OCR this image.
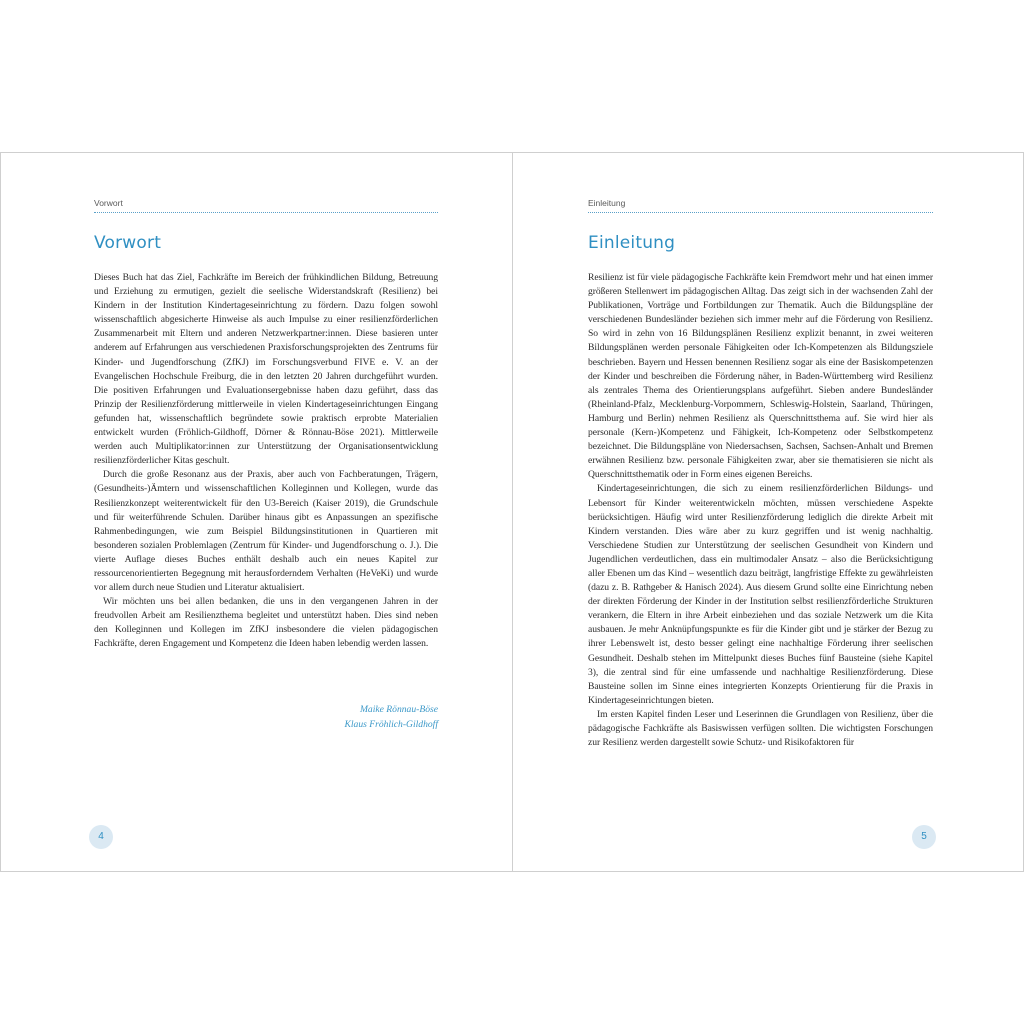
Vorwort
Vorwort

Dieses Buch hat das Ziel, Fachkräfte im Bereich der frühkindlichen Bildung, Betreuung und Erziehung zu ermutigen, gezielt die seelische Widerstandskraft (Resilienz) bei Kindern in der Institution Kindertageseinrichtung zu fördern. Dazu folgen sowohl wissenschaftlich abgesicherte Hinweise als auch Impulse zu einer resilienzförderlichen Zusammenarbeit mit Eltern und anderen Netzwerkpartner:innen. Diese basieren unter anderem auf Erfahrungen aus verschiedenen Praxisforschungsprojekten des Zentrums für Kinder- und Jugendforschung (ZfKJ) im Forschungsverbund FIVE e. V. an der Evangelischen Hochschule Freiburg, die in den letzten 20 Jahren durchgeführt wurden. Die positiven Erfahrungen und Evaluationsergebnisse haben dazu geführt, dass das Prinzip der Resilienzförderung mittlerweile in vielen Kindertageseinrichtungen Eingang gefunden hat, wissenschaftlich begründete sowie praktisch erprobte Materialien entwickelt wurden (Fröhlich-Gildhoff, Dörner & Rönnau-Böse 2021). Mittlerweile werden auch Multiplikator:innen zur Unterstützung der Organisationsentwicklung resilienzförderlicher Kitas geschult.

Durch die große Resonanz aus der Praxis, aber auch von Fachberatungen, Trägern, (Gesundheits-)Ämtern und wissenschaftlichen Kolleginnen und Kollegen, wurde das Resilienzkonzept weiterentwickelt für den U3-Bereich (Kaiser 2019), die Grundschule und für weiterführende Schulen. Darüber hinaus gibt es Anpassungen an spezifische Rahmenbedingungen, wie zum Beispiel Bildungsinstitutionen in Quartieren mit besonderen sozialen Problemlagen (Zentrum für Kinder- und Jugendforschung o. J.). Die vierte Auflage dieses Buches enthält deshalb auch ein neues Kapitel zur ressourcenorientierten Begegnung mit herausforderndem Verhalten (HeVeKi) und wurde vor allem durch neue Studien und Literatur aktualisiert.

Wir möchten uns bei allen bedanken, die uns in den vergangenen Jahren in der freudvollen Arbeit am Resilienzthema begleitet und unterstützt haben. Dies sind neben den Kolleginnen und Kollegen im ZfKJ insbesondere die vielen pädagogischen Fachkräfte, deren Engagement und Kompetenz die Ideen haben lebendig werden lassen.

Maike Rönnau-Böse
Klaus Fröhlich-Gildhoff
4
Einleitung
Einleitung

Resilienz ist für viele pädagogische Fachkräfte kein Fremdwort mehr und hat einen immer größeren Stellenwert im pädagogischen Alltag. Das zeigt sich in der wachsenden Zahl der Publikationen, Vorträge und Fortbildungen zur Thematik. Auch die Bildungspläne der verschiedenen Bundesländer beziehen sich immer mehr auf die Förderung von Resilienz. So wird in zehn von 16 Bildungsplänen Resilienz explizit benannt, in zwei weiteren Bildungsplänen werden personale Fähigkeiten oder Ich-Kompetenzen als Bildungsziele beschrieben. Bayern und Hessen benennen Resilienz sogar als eine der Basiskompetenzen der Kinder und beschreiben die Förderung näher, in Baden-Württemberg wird Resilienz als zentrales Thema des Orientierungsplans aufgeführt. Sieben andere Bundesländer (Rheinland-Pfalz, Mecklenburg-Vorpommern, Schleswig-Holstein, Saarland, Thüringen, Hamburg und Berlin) nehmen Resilienz als Querschnittsthema auf. Sie wird hier als personale (Kern-)Kompetenz und Fähigkeit, Ich-Kompetenz oder Selbstkompetenz bezeichnet. Die Bildungspläne von Niedersachsen, Sachsen, Sachsen-Anhalt und Bremen erwähnen Resilienz bzw. personale Fähigkeiten zwar, aber sie thematisieren sie nicht als Querschnittsthematik oder in Form eines eigenen Bereichs.

Kindertageseinrichtungen, die sich zu einem resilienzförderlichen Bildungs- und Lebensort für Kinder weiterentwickeln möchten, müssen verschiedene Aspekte berücksichtigen. Häufig wird unter Resilienzförderung lediglich die direkte Arbeit mit Kindern verstanden. Dies wäre aber zu kurz gegriffen und ist wenig nachhaltig. Verschiedene Studien zur Unterstützung der seelischen Gesundheit von Kindern und Jugendlichen verdeutlichen, dass ein multimodaler Ansatz – also die Berücksichtigung aller Ebenen um das Kind – wesentlich dazu beiträgt, langfristige Effekte zu gewährleisten (dazu z. B. Rathgeber & Hanisch 2024). Aus diesem Grund sollte eine Einrichtung neben der direkten Förderung der Kinder in der Institution selbst resilienzförderliche Strukturen verankern, die Eltern in ihre Arbeit einbeziehen und das soziale Netzwerk um die Kita ausbauen. Je mehr Anknüpfungspunkte es für die Kinder gibt und je stärker der Bezug zu ihrer Lebenswelt ist, desto besser gelingt eine nachhaltige Förderung ihrer seelischen Gesundheit. Deshalb stehen im Mittelpunkt dieses Buches fünf Bausteine (siehe Kapitel 3), die zentral sind für eine umfassende und nachhaltige Resilienzförderung. Diese Bausteine sollen im Sinne eines integrierten Konzepts Orientierung für die Praxis in Kindertageseinrichtungen bieten.

Im ersten Kapitel finden Leser und Leserinnen die Grundlagen von Resilienz, über die pädagogische Fachkräfte als Basiswissen verfügen sollten. Die wichtigsten Forschungen zur Resilienz werden dargestellt sowie Schutz- und Risikofaktoren für

5
